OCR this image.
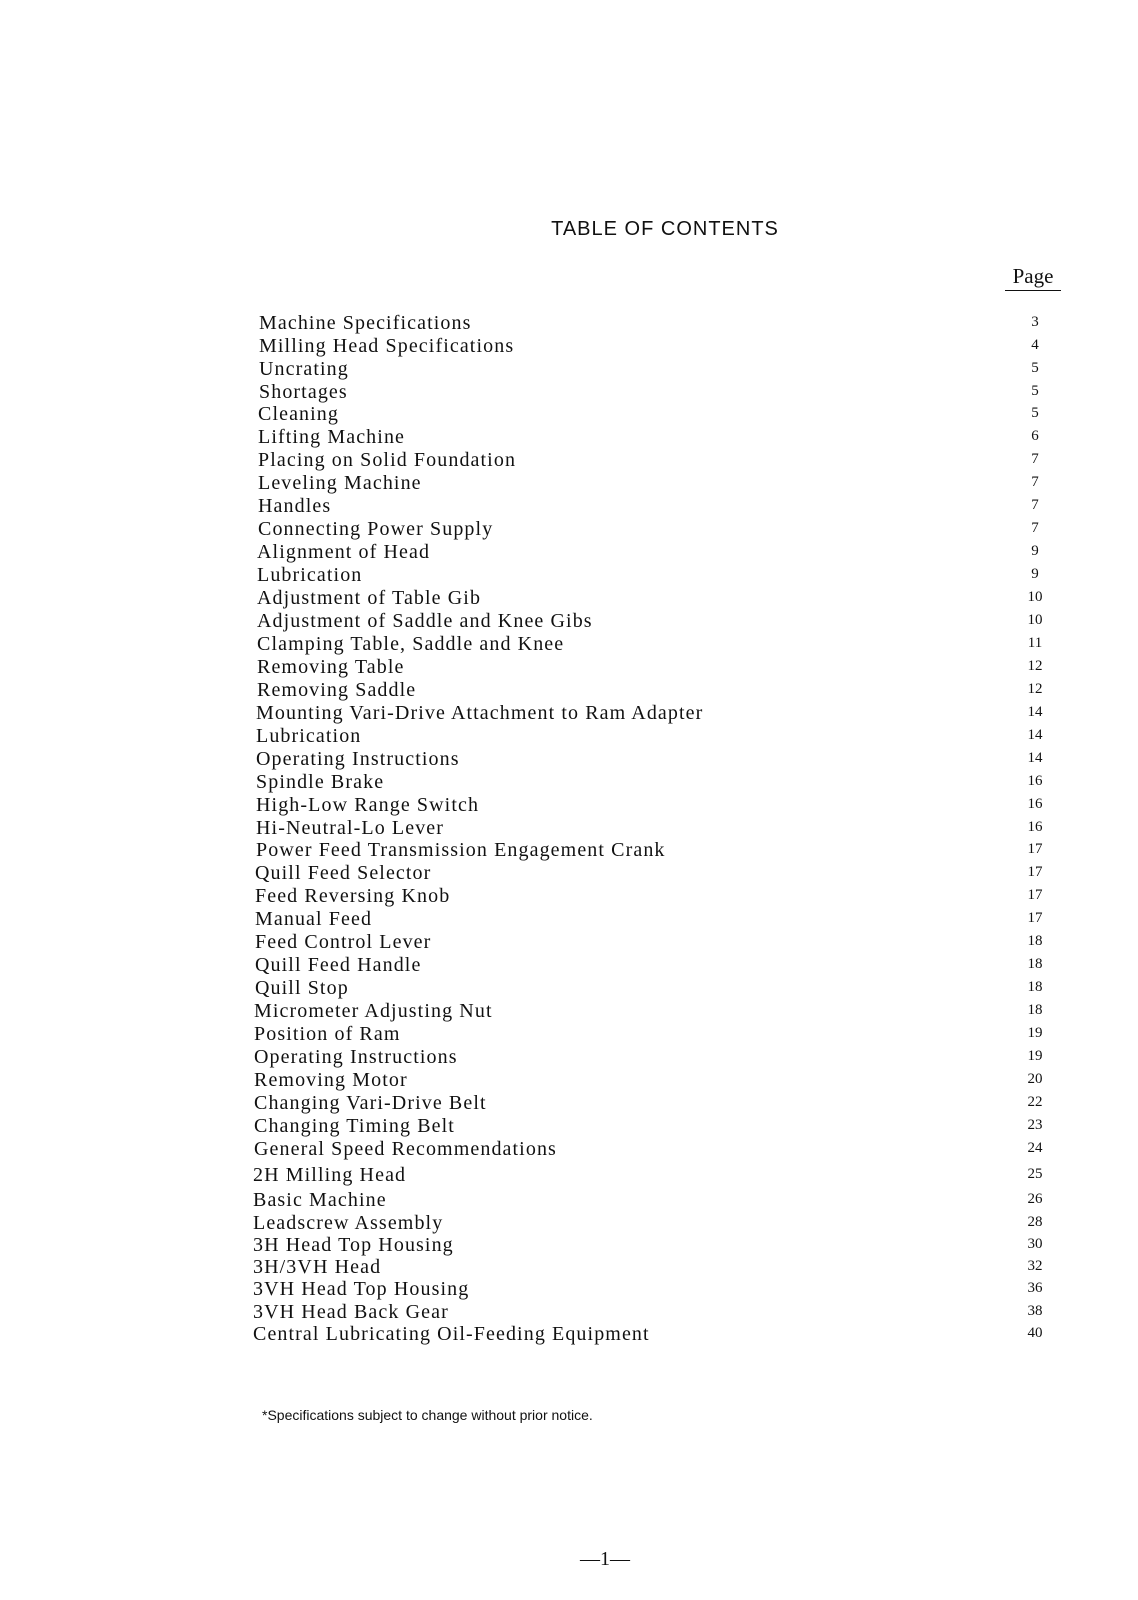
TABLE OF CONTENTS
Page
Machine Specifications	3
Milling Head Specifications	4
Uncrating	5
Shortages	5
Cleaning	5
Lifting Machine	6
Placing on Solid Foundation	7
Leveling Machine	7
Handles	7
Connecting Power Supply	7
Alignment of Head	9
Lubrication	9
Adjustment of Table Gib	10
Adjustment of Saddle and Knee Gibs	10
Clamping Table, Saddle and Knee	11
Removing Table	12
Removing Saddle	12
Mounting Vari-Drive Attachment to Ram Adapter	14
Lubrication	14
Operating Instructions	14
Spindle Brake	16
High-Low Range Switch	16
Hi-Neutral-Lo Lever	16
Power Feed Transmission Engagement Crank	17
Quill Feed Selector	17
Feed Reversing Knob	17
Manual Feed	17
Feed Control Lever	18
Quill Feed Handle	18
Quill Stop	18
Micrometer Adjusting Nut	18
Position of Ram	19
Operating Instructions	19
Removing Motor	20
Changing Vari-Drive Belt	22
Changing Timing Belt	23
General Speed Recommendations	24
2H Milling Head	25
Basic Machine	26
Leadscrew Assembly	28
3H Head Top Housing	30
3H/3VH Head	32
3VH Head Top Housing	36
3VH Head Back Gear	38
Central Lubricating Oil-Feeding Equipment	40
*Specifications subject to change without prior notice.
—1—
